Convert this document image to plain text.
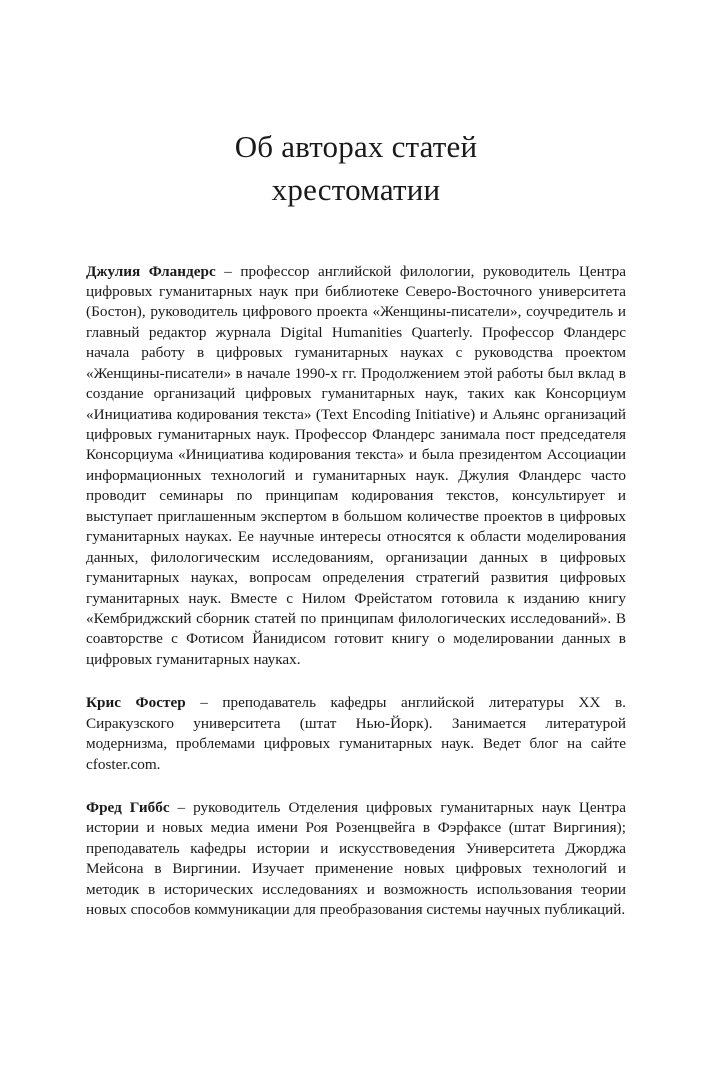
Об авторах статей
хрестоматии

Джулия Фландерс – профессор английской филологии, руководитель Центра цифровых гуманитарных наук при библиотеке Северо-Восточного университета (Бостон), руководитель цифрового проекта «Женщины-писатели», соучредитель и главный редактор журнала Digital Humanities Quarterly. Профессор Фландерс начала работу в цифровых гуманитарных науках с руководства проектом «Женщины-писатели» в начале 1990-х гг. Продолжением этой работы был вклад в создание организаций цифровых гуманитарных наук, таких как Консорциум «Инициатива кодирования текста» (Text Encoding Initiative) и Альянс организаций цифровых гуманитарных наук. Профессор Фландерс занимала пост председателя Консорциума «Инициатива кодирования текста» и была президентом Ассоциации информационных технологий и гуманитарных наук. Джулия Фландерс часто проводит семинары по принципам кодирования текстов, консультирует и выступает приглашенным экспертом в большом количестве проектов в цифровых гуманитарных науках. Ее научные интересы относятся к области моделирования данных, филологическим исследованиям, организации данных в цифровых гуманитарных науках, вопросам определения стратегий развития цифровых гуманитарных наук. Вместе с Нилом Фрейстатом готовила к изданию книгу «Кембриджский сборник статей по принципам филологических исследований». В соавторстве с Фотисом Йанидисом готовит книгу о моделировании данных в цифровых гуманитарных науках.

Крис Фостер – преподаватель кафедры английской литературы XX в. Сиракузского университета (штат Нью-Йорк). Занимается литературой модернизма, проблемами цифровых гуманитарных наук. Ведет блог на сайте cfoster.com.

Фред Гиббс – руководитель Отделения цифровых гуманитарных наук Центра истории и новых медиа имени Роя Розенцвейга в Фэрфаксе (штат Виргиния); преподаватель кафедры истории и искусствоведения Университета Джорджа Мейсона в Виргинии. Изучает применение новых цифровых технологий и методик в исторических исследованиях и возможность использования теории новых способов коммуникации для преобразования системы научных публикаций.
